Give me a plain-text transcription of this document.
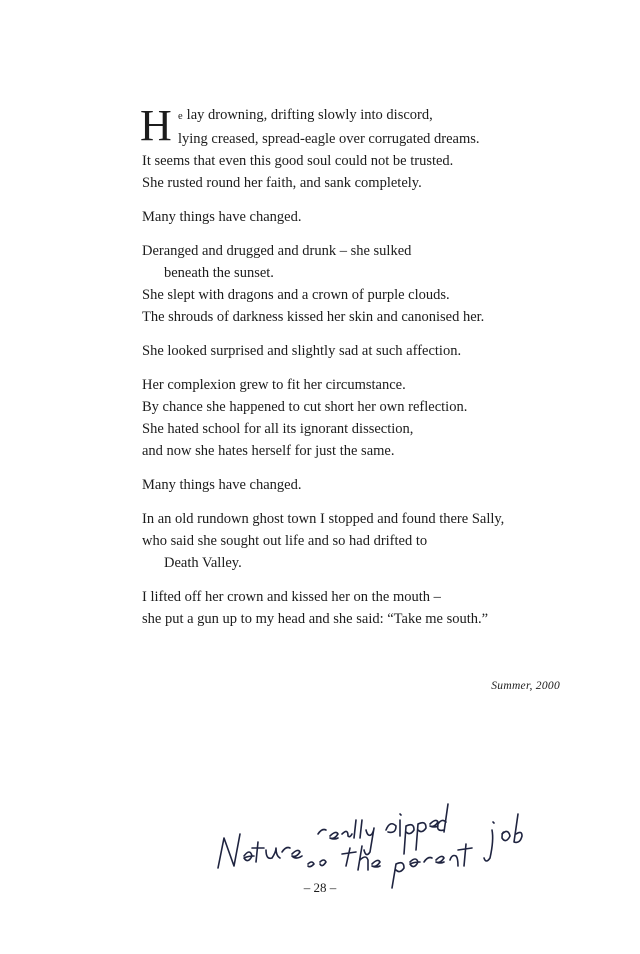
H e lay drowning, drifting slowly into discord,
lying creased, spread-eagle over corrugated dreams.
It seems that even this good soul could not be trusted.
She rusted round her faith, and sank completely.
Many things have changed.
Deranged and drugged and drunk – she sulked
beneath the sunset.
She slept with dragons and a crown of purple clouds.
The shrouds of darkness kissed her skin and canonised her.
She looked surprised and slightly sad at such affection.
Her complexion grew to fit her circumstance.
By chance she happened to cut short her own reflection.
She hated school for all its ignorant dissection,
and now she hates herself for just the same.
Many things have changed.
In an old rundown ghost town I stopped and found there Sally,
who said she sought out life and so had drifted to
Death Valley.
I lifted off her crown and kissed her on the mouth –
she put a gun up to my head and she said: “Take me south.”
Summer, 2000
– 28 –
